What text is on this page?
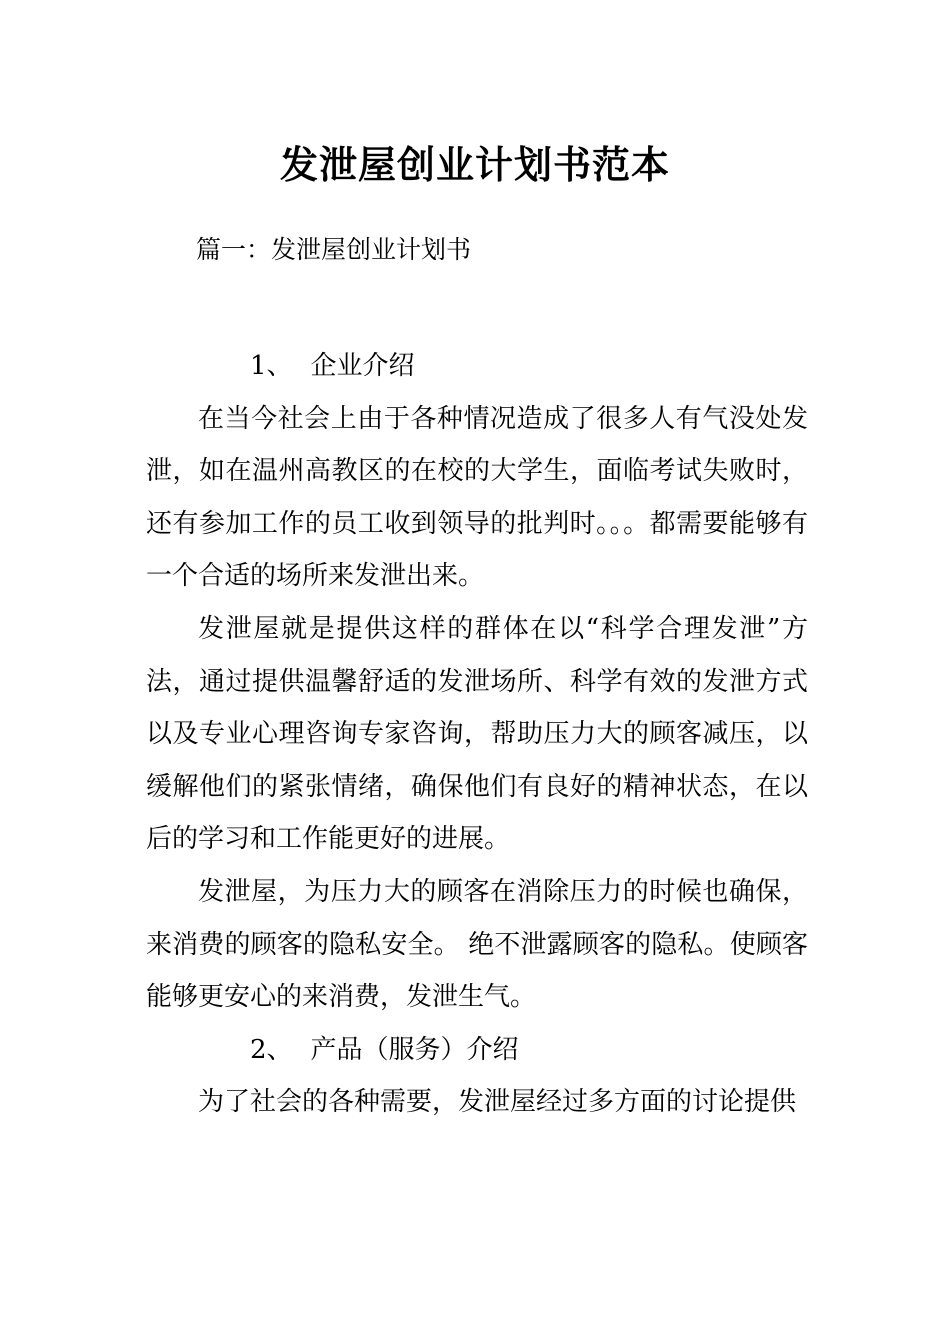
发泄屋创业计划书范本
篇一：发泄屋创业计划书

1、 企业介绍

在当今社会上由于各种情况造成了很多人有气没处发泄，如在温州高教区的在校的大学生，面临考试失败时，还有参加工作的员工收到领导的批判时。。。都需要能够有一个合适的场所来发泄出来。

发泄屋就是提供这样的群体在以“科学合理发泄”方法，通过提供温馨舒适的发泄场所、科学有效的发泄方式以及专业心理咨询专家咨询，帮助压力大的顾客减压，以缓解他们的紧张情绪，确保他们有良好的精神状态，在以后的学习和工作能更好的进展。

发泄屋，为压力大的顾客在消除压力的时候也确保，来消费的顾客的隐私安全。 绝不泄露顾客的隐私。使顾客能够更安心的来消费，发泄生气。

2、 产品（服务）介绍

为了社会的各种需要，发泄屋经过多方面的讨论提供
